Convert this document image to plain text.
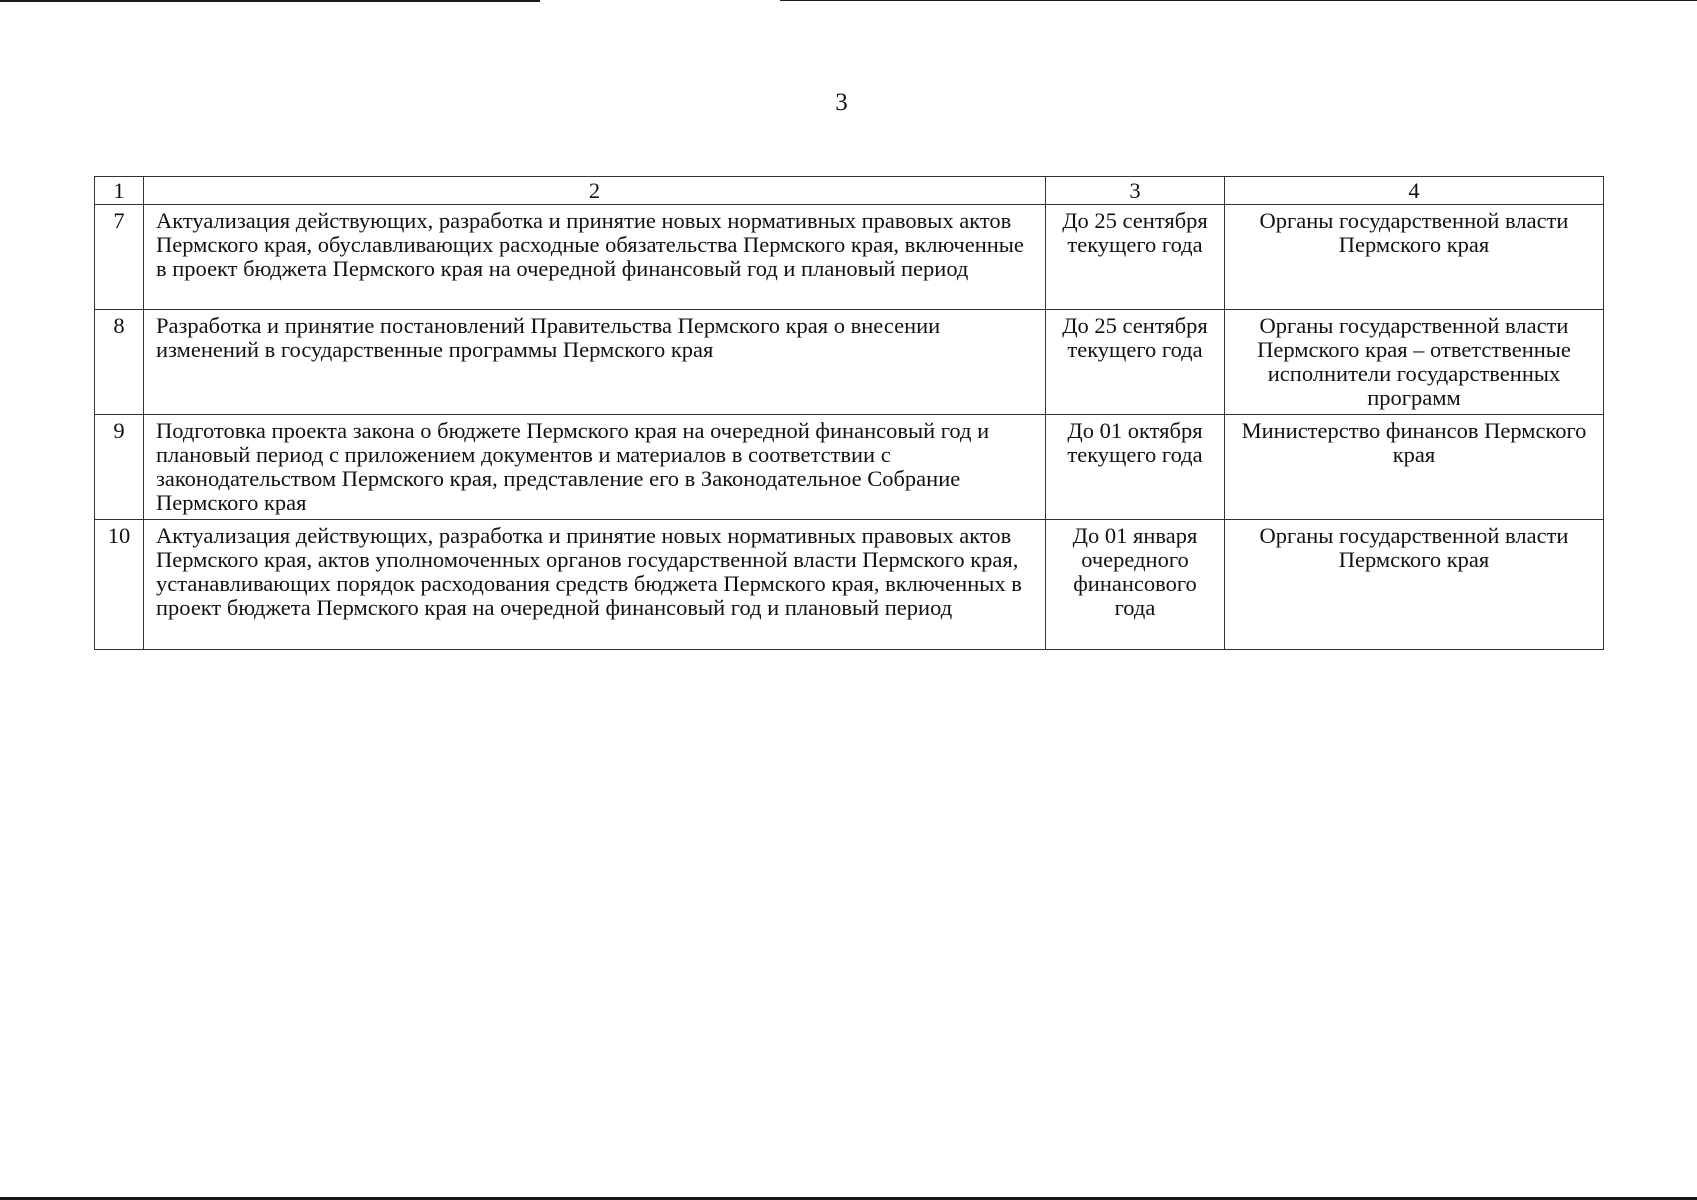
3
1	2	3	4
7	Актуализация действующих, разработка и принятие новых нормативных правовых актов Пермского края, обуславливающих расходные обязательства Пермского края, включенные в проект бюджета Пермского края на очередной финансовый год и плановый период	До 25 сентября текущего года	Органы государственной власти Пермского края
8	Разработка и принятие постановлений Правительства Пермского края о внесении изменений в государственные программы Пермского края	До 25 сентября текущего года	Органы государственной власти Пермского края – ответственные исполнители государственных программ
9	Подготовка проекта закона о бюджете Пермского края на очередной финансовый год и плановый период с приложением документов и материалов в соответствии с законодательством Пермского края, представление его в Законодательное Собрание Пермского края	До 01 октября текущего года	Министерство финансов Пермского края
10	Актуализация действующих, разработка и принятие новых нормативных правовых актов Пермского края, актов уполномоченных органов государственной власти Пермского края, устанавливающих порядок расходования средств бюджета Пермского края, включенных в проект бюджета Пермского края на очередной финансовый год и плановый период	До 01 января очередного финансового года	Органы государственной власти Пермского края
